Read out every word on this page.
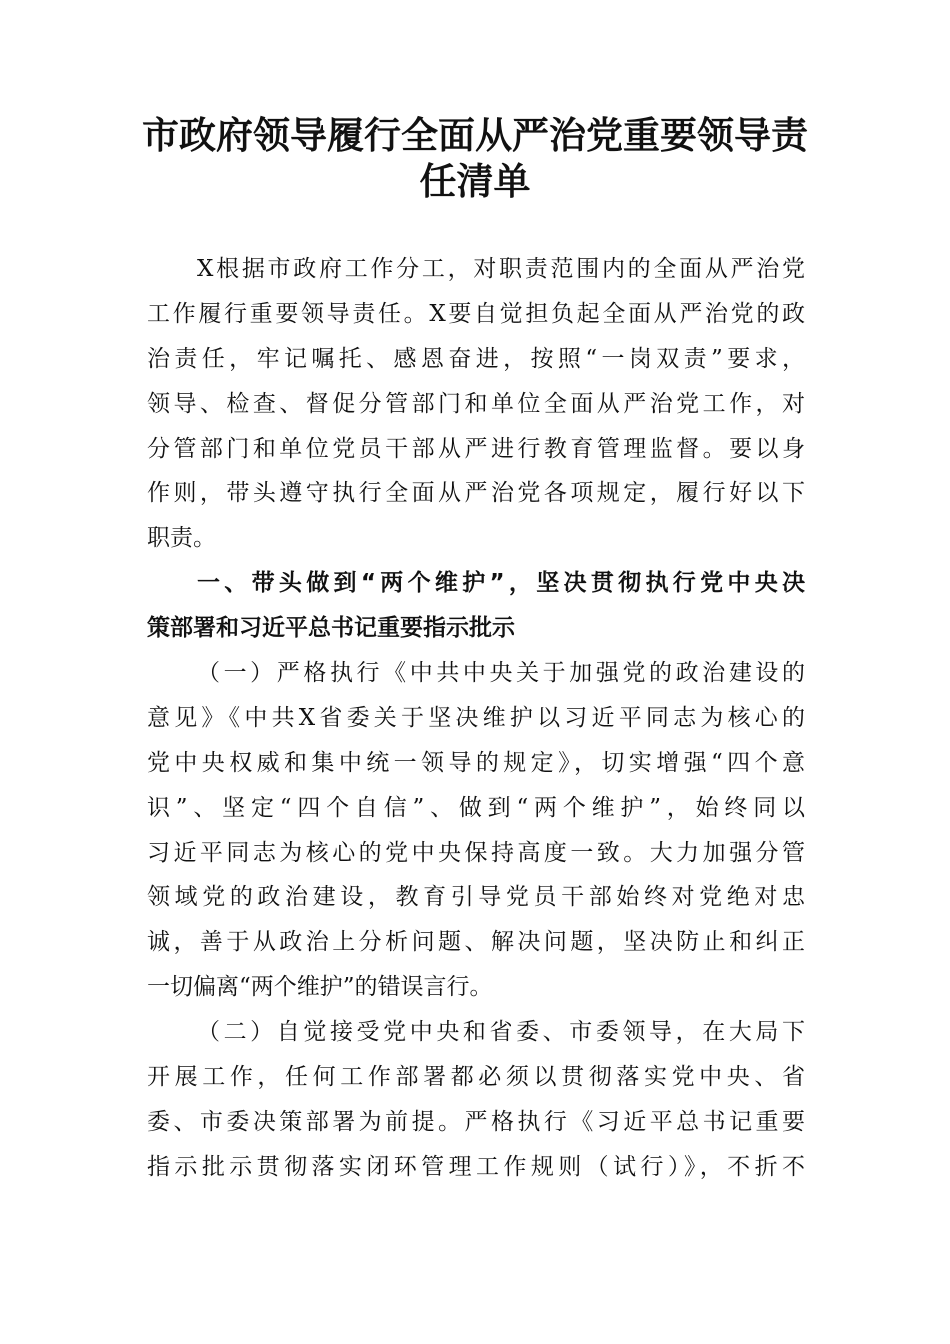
市政府领导履行全面从严治党重要领导责
任清单
X根据市政府工作分工，对职责范围内的全面从严治党
工作履行重要领导责任。X要自觉担负起全面从严治党的政
治责任，牢记嘱托、感恩奋进，按照“一岗双责”要求，
领导、检查、督促分管部门和单位全面从严治党工作，对
分管部门和单位党员干部从严进行教育管理监督。要以身
作则，带头遵守执行全面从严治党各项规定，履行好以下
职责。
一、带头做到“两个维护”，坚决贯彻执行党中央决
策部署和习近平总书记重要指示批示
（一）严格执行《中共中央关于加强党的政治建设的
意见》《中共X省委关于坚决维护以习近平同志为核心的
党中央权威和集中统一领导的规定》，切实增强“四个意
识”、坚定“四个自信”、做到“两个维护”，始终同以
习近平同志为核心的党中央保持高度一致。大力加强分管
领域党的政治建设，教育引导党员干部始终对党绝对忠
诚，善于从政治上分析问题、解决问题，坚决防止和纠正
一切偏离“两个维护”的错误言行。
（二）自觉接受党中央和省委、市委领导，在大局下
开展工作，任何工作部署都必须以贯彻落实党中央、省
委、市委决策部署为前提。严格执行《习近平总书记重要
指示批示贯彻落实闭环管理工作规则（试行）》，不折不
